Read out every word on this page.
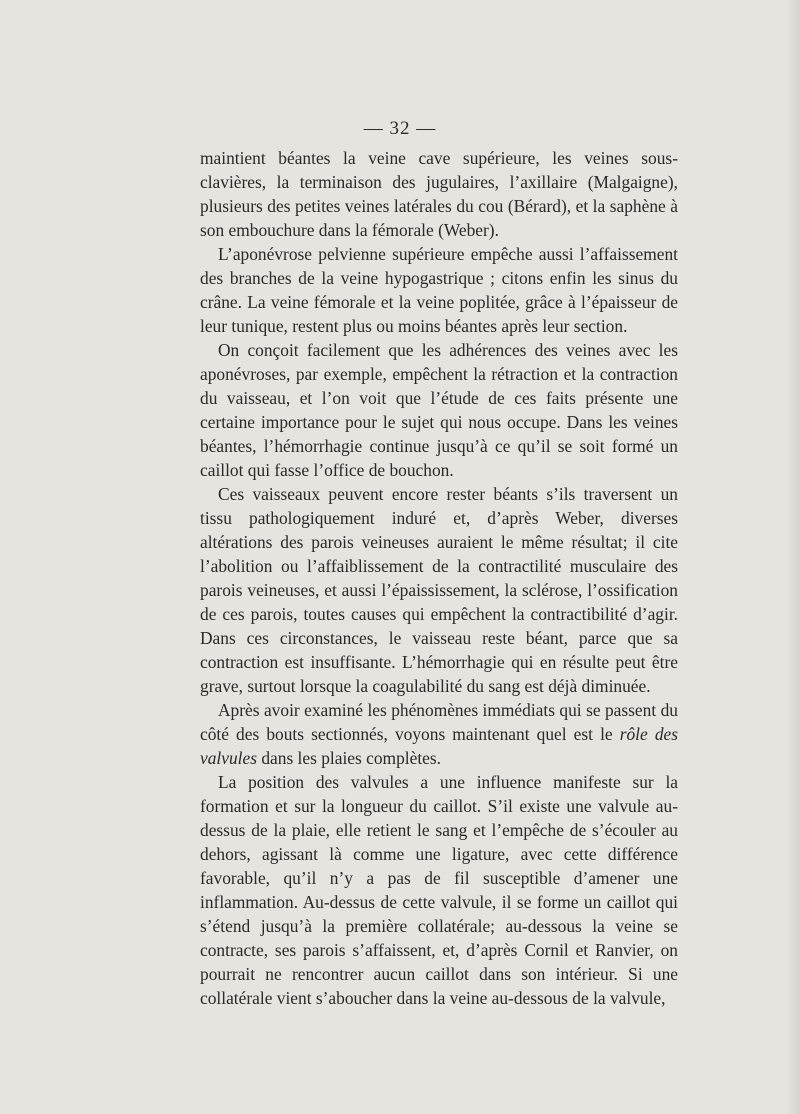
— 32 —

maintient béantes la veine cave supérieure, les veines sous-clavières, la terminaison des jugulaires, l’axillaire (Malgaigne), plusieurs des petites veines latérales du cou (Bérard), et la saphène à son embouchure dans la fémorale (Weber).

L’aponévrose pelvienne supérieure empêche aussi l’affaissement des branches de la veine hypogastrique ; citons enfin les sinus du crâne. La veine fémorale et la veine poplitée, grâce à l’épaisseur de leur tunique, restent plus ou moins béantes après leur section.

On conçoit facilement que les adhérences des veines avec les aponévroses, par exemple, empêchent la rétraction et la contraction du vaisseau, et l’on voit que l’étude de ces faits présente une certaine importance pour le sujet qui nous occupe. Dans les veines béantes, l’hémorrhagie continue jusqu’à ce qu’il se soit formé un caillot qui fasse l’office de bouchon.

Ces vaisseaux peuvent encore rester béants s’ils traversent un tissu pathologiquement induré et, d’après Weber, diverses altérations des parois veineuses auraient le même résultat; il cite l’abolition ou l’affaiblissement de la contractilité musculaire des parois veineuses, et aussi l’épaississement, la sclérose, l’ossification de ces parois, toutes causes qui empêchent la contractibilité d’agir. Dans ces circonstances, le vaisseau reste béant, parce que sa contraction est insuffisante. L’hémorrhagie qui en résulte peut être grave, surtout lorsque la coagulabilité du sang est déjà diminuée.

Après avoir examiné les phénomènes immédiats qui se passent du côté des bouts sectionnés, voyons maintenant quel est le rôle des valvules dans les plaies complètes.

La position des valvules a une influence manifeste sur la formation et sur la longueur du caillot. S’il existe une valvule au-dessus de la plaie, elle retient le sang et l’empêche de s’écouler au dehors, agissant là comme une ligature, avec cette différence favorable, qu’il n’y a pas de fil susceptible d’amener une inflammation. Au-dessus de cette valvule, il se forme un caillot qui s’étend jusqu’à la première collatérale; au-dessous la veine se contracte, ses parois s’affaissent, et, d’après Cornil et Ranvier, on pourrait ne rencontrer aucun caillot dans son intérieur. Si une collatérale vient s’aboucher dans la veine au-dessous de la valvule,
